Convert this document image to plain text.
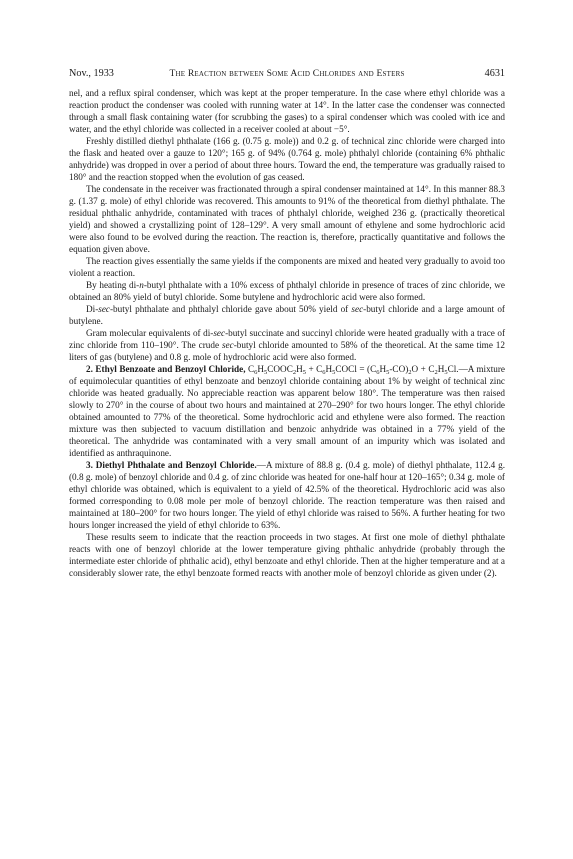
Nov., 1933	The Reaction between Some Acid Chlorides and Esters	4631

nel, and a reflux spiral condenser, which was kept at the proper temperature. In the case where ethyl chloride was a reaction product the condenser was cooled with running water at 14°. In the latter case the condenser was connected through a small flask containing water (for scrubbing the gases) to a spiral condenser which was cooled with ice and water, and the ethyl chloride was collected in a receiver cooled at about −5°.

Freshly distilled diethyl phthalate (166 g. (0.75 g. mole)) and 0.2 g. of technical zinc chloride were charged into the flask and heated over a gauze to 120°; 165 g. of 94% (0.764 g. mole) phthalyl chloride (containing 6% phthalic anhydride) was dropped in over a period of about three hours. Toward the end, the temperature was gradually raised to 180° and the reaction stopped when the evolution of gas ceased.

The condensate in the receiver was fractionated through a spiral condenser maintained at 14°. In this manner 88.3 g. (1.37 g. mole) of ethyl chloride was recovered. This amounts to 91% of the theoretical from diethyl phthalate. The residual phthalic anhydride, contaminated with traces of phthalyl chloride, weighed 236 g. (practically theoretical yield) and showed a crystallizing point of 128–129°. A very small amount of ethylene and some hydrochloric acid were also found to be evolved during the reaction. The reaction is, therefore, practically quantitative and follows the equation given above.

The reaction gives essentially the same yields if the components are mixed and heated very gradually to avoid too violent a reaction.

By heating di-n-butyl phthalate with a 10% excess of phthalyl chloride in presence of traces of zinc chloride, we obtained an 80% yield of butyl chloride. Some butylene and hydrochloric acid were also formed.

Di-sec-butyl phthalate and phthalyl chloride gave about 50% yield of sec-butyl chloride and a large amount of butylene.

Gram molecular equivalents of di-sec-butyl succinate and succinyl chloride were heated gradually with a trace of zinc chloride from 110–190°. The crude sec-butyl chloride amounted to 58% of the theoretical. At the same time 12 liters of gas (butylene) and 0.8 g. mole of hydrochloric acid were also formed.

2. Ethyl Benzoate and Benzoyl Chloride, $C_6H_5COOC_2H_5$ + $C_6H_5COCl = (C_6H_5-CO)_2O$ + $C_2H_5Cl.—A$ mixture of equimolecular quantities of ethyl benzoate and benzoyl chloride containing about 1% by weight of technical zinc chloride was heated gradually. No appreciable reaction was apparent below 180°. The temperature was then raised slowly to 270° in the course of about two hours and maintained at 270–290° for two hours longer. The ethyl chloride obtained amounted to 77% of the theoretical. Some hydrochloric acid and ethylene were also formed. The reaction mixture was then subjected to vacuum distillation and benzoic anhydride was obtained in a 77% yield of the theoretical. The anhydride was contaminated with a very small amount of an impurity which was isolated and identified as anthraquinone.

3. Diethyl Phthalate and Benzoyl Chloride.—A mixture of 88.8 g. (0.4 g. mole) of diethyl phthalate, 112.4 g. (0.8 g. mole) of benzoyl chloride and 0.4 g. of zinc chloride was heated for one-half hour at 120–165°; 0.34 g. mole of ethyl chloride was obtained, which is equivalent to a yield of 42.5% of the theoretical. Hydrochloric acid was also formed corresponding to 0.08 mole per mole of benzoyl chloride. The reaction temperature was then raised and maintained at 180–200° for two hours longer. The yield of ethyl chloride was raised to 56%. A further heating for two hours longer increased the yield of ethyl chloride to 63%.

These results seem to indicate that the reaction proceeds in two stages. At first one mole of diethyl phthalate reacts with one of benzoyl chloride at the lower temperature giving phthalic anhydride (probably through the intermediate ester chloride of phthalic acid), ethyl benzoate and ethyl chloride. Then at the higher temperature and at a considerably slower rate, the ethyl benzoate formed reacts with another mole of benzoyl chloride as given under (2).
